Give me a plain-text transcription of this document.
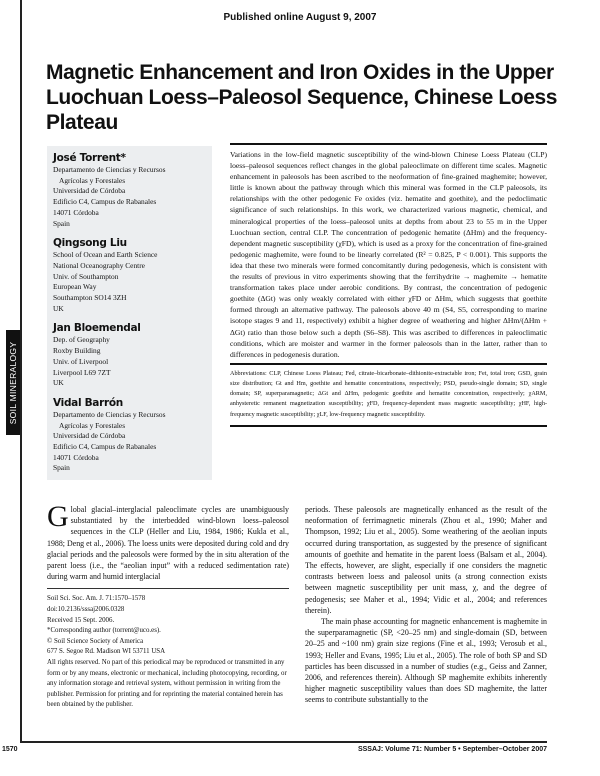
Published online August 9, 2007
Magnetic Enhancement and Iron Oxides in the Upper Luochuan Loess–Paleosol Sequence, Chinese Loess Plateau
SOIL MINERALOGY
José Torrent*
Departamento de Ciencias y Recursos
Agrícolas y Forestales
Universidad de Córdoba
Edificio C4, Campus de Rabanales
14071 Córdoba
Spain
Qingsong Liu
School of Ocean and Earth Science
National Oceanography Centre
Univ. of Southampton
European Way
Southampton SO14 3ZH
UK
Jan Bloemendal
Dep. of Geography
Roxby Building
Univ. of Liverpool
Liverpool L69 7ZT
UK
Vidal Barrón
Departamento de Ciencias y Recursos
Agrícolas y Forestales
Universidad de Córdoba
Edificio C4, Campus de Rabanales
14071 Córdoba
Spain
Variations in the low-field magnetic susceptibility of the wind-blown Chinese Loess Plateau (CLP) loess–paleosol sequences reflect changes in the global paleoclimate on different time scales. Magnetic enhancement in paleosols has been ascribed to the neoformation of fine-grained maghemite; however, little is known about the pathway through which this mineral was formed in the CLP paleosols, its relationships with the other pedogenic Fe oxides (viz. hematite and goethite), and the pedoclimatic significance of such relationships. In this work, we characterized various magnetic, chemical, and mineralogical properties of the loess–paleosol units at depths from about 23 to 55 m in the Upper Luochuan section, central CLP. The concentration of pedogenic hematite (ΔHm) and the frequency-dependent magnetic susceptibility (χFD), which is used as a proxy for the concentration of fine-grained pedogenic maghemite, were found to be linearly correlated (R² = 0.825, P < 0.001). This supports the idea that these two minerals were formed concomitantly during pedogenesis, which is consistent with the results of previous in vitro experiments showing that the ferrihydrite → maghemite → hematite transformation takes place under aerobic conditions. By contrast, the concentration of pedogenic goethite (ΔGt) was only weakly correlated with either χFD or ΔHm, which suggests that goethite formed through an alternative pathway. The paleosols above 40 m (S4, S5, corresponding to marine isotope stages 9 and 11, respectively) exhibit a higher degree of weathering and higher ΔHm/(ΔHm + ΔGt) ratio than those below such a depth (S6–S8). This was ascribed to differences in paleoclimatic conditions, which are moister and warmer in the former paleosols than in the latter, rather than to differences in pedogenesis duration.
Abbreviations: CLP, Chinese Loess Plateau; Fed, citrate–bicarbonate–dithionite-extractable iron; Fet, total iron; GSD, grain size distribution; Gt and Hm, goethite and hematite concentrations, respectively; PSD, pseudo-single domain; SD, single domain; SP, superparamagnetic; ΔGt and ΔHm, pedogenic goethite and hematite concentration, respectively; χARM, anhysteretic remanent magnetization susceptibility; χFD, frequency-dependent mass magnetic susceptibility; χHF, high-frequency magnetic susceptibility; χLF, low-frequency magnetic susceptibility.
Global glacial–interglacial paleoclimate cycles are unambiguously substantiated by the interbedded wind-blown loess–paleosol sequences in the CLP (Heller and Liu, 1984, 1986; Kukla et al., 1988; Deng et al., 2006). The loess units were deposited during cold and dry glacial periods and the paleosols were formed by the in situ alteration of the parent loess (i.e., the “aeolian input” with a reduced sedimentation rate) during warm and humid interglacial
Soil Sci. Soc. Am. J. 71:1570–1578
doi:10.2136/sssaj2006.0328
Received 15 Sept. 2006.
*Corresponding author (torrent@uco.es).
© Soil Science Society of America
677 S. Segoe Rd. Madison WI 53711 USA
All rights reserved. No part of this periodical may be reproduced or transmitted in any form or by any means, electronic or mechanical, including photocopying, recording, or any information storage and retrieval system, without permission in writing from the publisher. Permission for printing and for reprinting the material contained herein has been obtained by the publisher.
periods. These paleosols are magnetically enhanced as the result of the neoformation of ferrimagnetic minerals (Zhou et al., 1990; Maher and Thompson, 1992; Liu et al., 2005). Some weathering of the aeolian inputs occurred during transportation, as suggested by the presence of significant amounts of goethite and hematite in the parent loess (Balsam et al., 2004). The effects, however, are slight, especially if one considers the magnetic contrasts between loess and paleosol units (a strong connection exists between magnetic susceptibility per unit mass, χ, and the degree of pedogenesis; see Maher et al., 1994; Vidic et al., 2004; and references therein).
The main phase accounting for magnetic enhancement is maghemite in the superparamagnetic (SP, <20–25 nm) and single-domain (SD, between 20–25 and ~100 nm) grain size regions (Fine et al., 1993; Verosub et al., 1993; Heller and Evans, 1995; Liu et al., 2005). The role of both SP and SD particles has been discussed in a number of studies (e.g., Geiss and Zanner, 2006, and references therein). Although SP maghemite exhibits inherently higher magnetic susceptibility values than does SD maghemite, the latter seems to contribute substantially to the
1570	SSSAJ: Volume 71: Number 5 • September–October 2007
